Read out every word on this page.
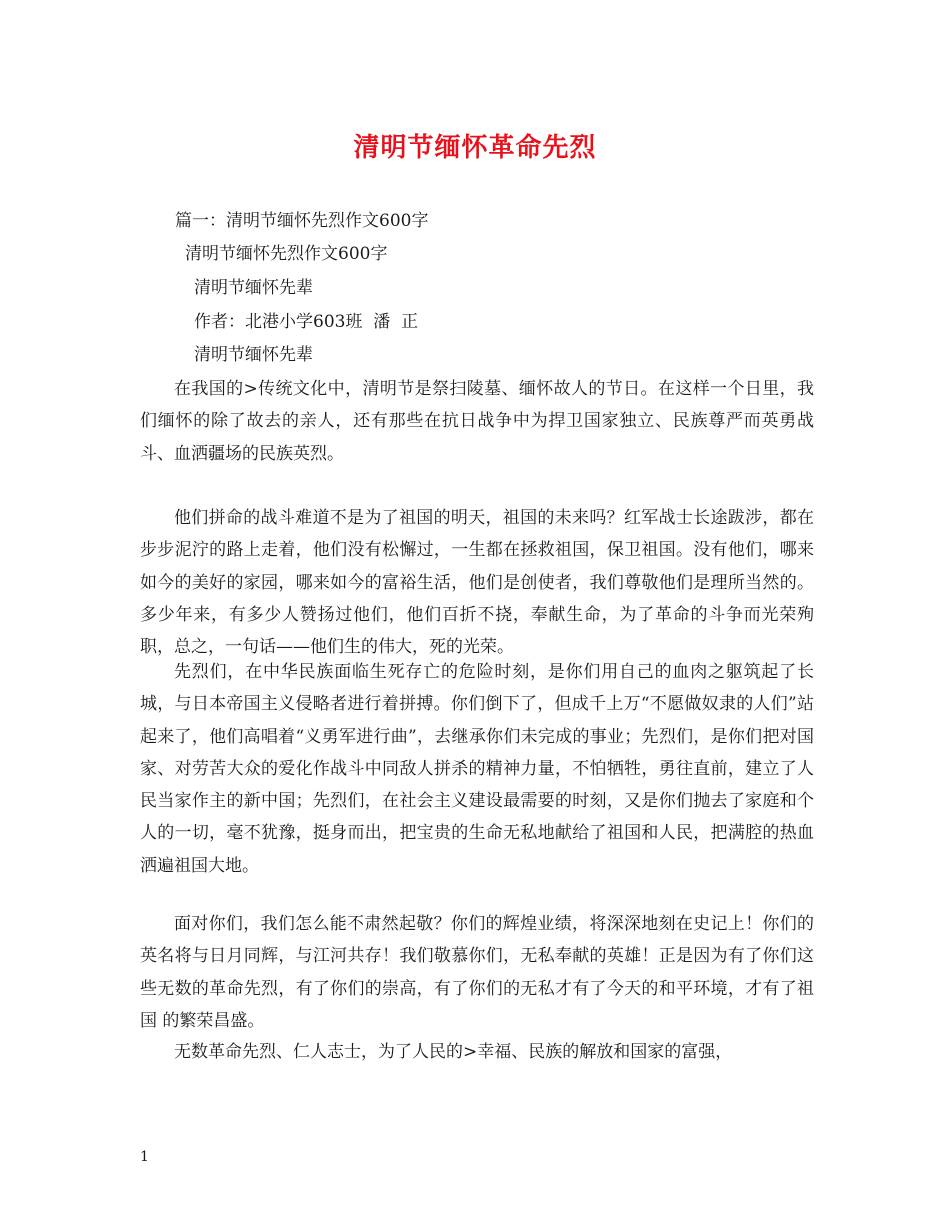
清明节缅怀革命先烈
篇一：清明节缅怀先烈作文600字
清明节缅怀先烈作文600字
清明节缅怀先辈
作者：北港小学603班  潘  正
清明节缅怀先辈

在我国的>传统文化中，清明节是祭扫陵墓、缅怀故人的节日。在这样一个日里，我们缅怀的除了故去的亲人，还有那些在抗日战争中为捍卫国家独立、民族尊严而英勇战斗、血洒疆场的民族英烈。

他们拼命的战斗难道不是为了祖国的明天，祖国的未来吗？红军战士长途跋涉，都在步步泥泞的路上走着，他们没有松懈过，一生都在拯救祖国，保卫祖国。没有他们，哪来如今的美好的家园，哪来如今的富裕生活，他们是创使者，我们尊敬他们是理所当然的。多少年来，有多少人赞扬过他们，他们百折不挠，奉献生命，为了革命的斗争而光荣殉职，总之，一句话——他们生的伟大，死的光荣。

先烈们，在中华民族面临生死存亡的危险时刻，是你们用自己的血肉之躯筑起了长城，与日本帝国主义侵略者进行着拼搏。你们倒下了，但成千上万“不愿做奴隶的人们”站起来了，他们高唱着“义勇军进行曲”，去继承你们未完成的事业；先烈们，是你们把对国家、对劳苦大众的爱化作战斗中同敌人拼杀的精神力量，不怕牺牲，勇往直前，建立了人民当家作主的新中国；先烈们，在社会主义建设最需要的时刻，又是你们抛去了家庭和个人的一切，毫不犹豫，挺身而出，把宝贵的生命无私地献给了祖国和人民，把满腔的热血洒遍祖国大地。

面对你们，我们怎么能不肃然起敬？你们的辉煌业绩，将深深地刻在史记上！你们的英名将与日月同辉，与江河共存！我们敬慕你们，无私奉献的英雄！正是因为有了你们这些无数的革命先烈，有了你们的崇高，有了你们的无私才有了今天的和平环境，才有了祖国 的繁荣昌盛。

无数革命先烈、仁人志士，为了人民的>幸福、民族的解放和国家的富强，

1
